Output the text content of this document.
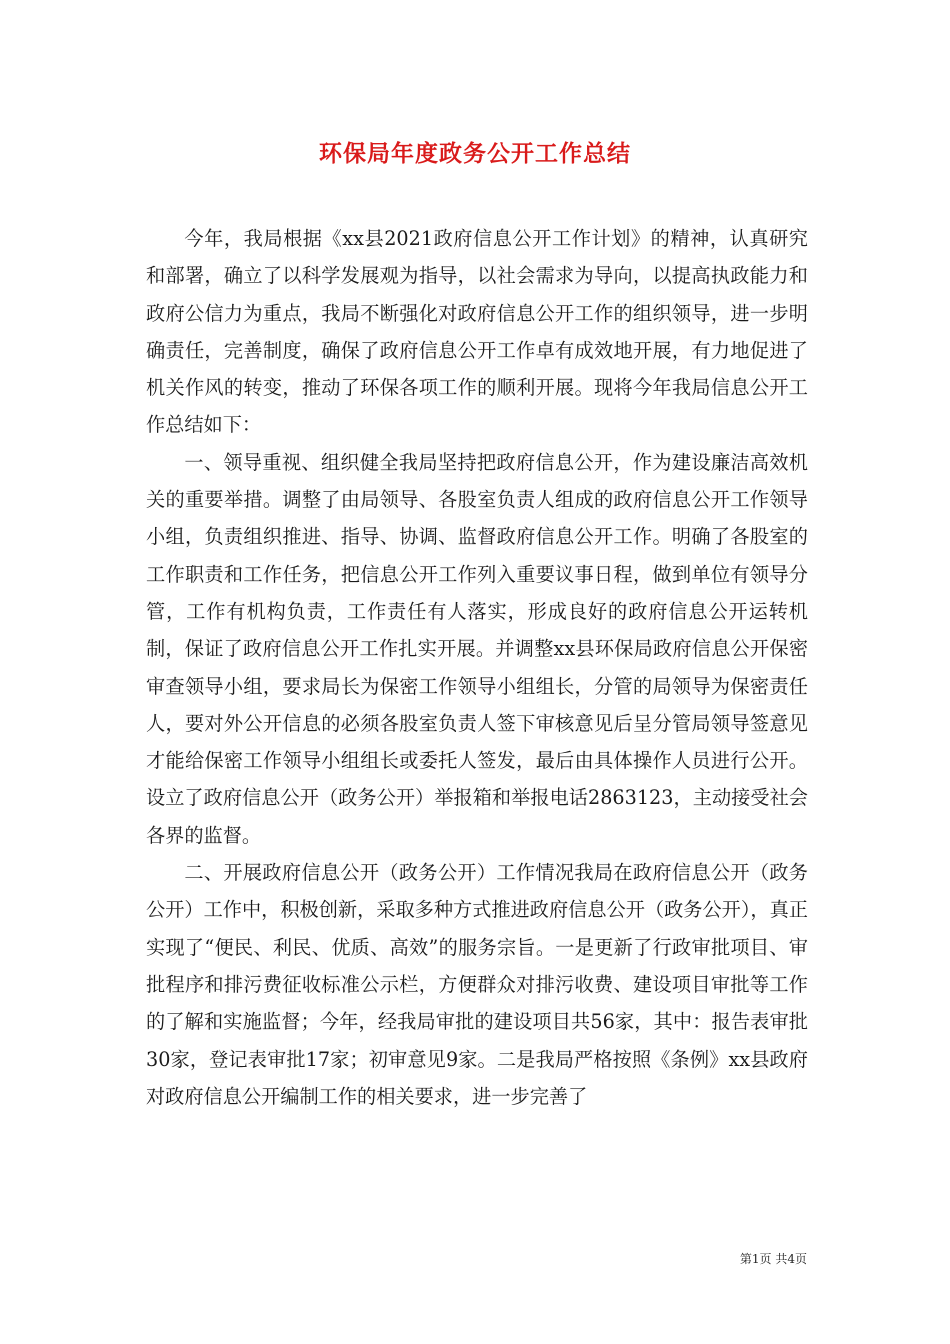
环保局年度政务公开工作总结

今年，我局根据《xx县2021政府信息公开工作计划》的精神，认真研究和部署，确立了以科学发展观为指导，以社会需求为导向，以提高执政能力和政府公信力为重点，我局不断强化对政府信息公开工作的组织领导，进一步明确责任，完善制度，确保了政府信息公开工作卓有成效地开展，有力地促进了机关作风的转变，推动了环保各项工作的顺利开展。现将今年我局信息公开工作总结如下：

一、领导重视、组织健全我局坚持把政府信息公开，作为建设廉洁高效机关的重要举措。调整了由局领导、各股室负责人组成的政府信息公开工作领导小组，负责组织推进、指导、协调、监督政府信息公开工作。明确了各股室的工作职责和工作任务，把信息公开工作列入重要议事日程，做到单位有领导分管，工作有机构负责，工作责任有人落实，形成良好的政府信息公开运转机制，保证了政府信息公开工作扎实开展。并调整xx县环保局政府信息公开保密审查领导小组，要求局长为保密工作领导小组组长，分管的局领导为保密责任人，要对外公开信息的必须各股室负责人签下审核意见后呈分管局领导签意见才能给保密工作领导小组组长或委托人签发，最后由具体操作人员进行公开。设立了政府信息公开（政务公开）举报箱和举报电话2863123，主动接受社会各界的监督。

二、开展政府信息公开（政务公开）工作情况我局在政府信息公开（政务公开）工作中，积极创新，采取多种方式推进政府信息公开（政务公开），真正实现了“便民、利民、优质、高效”的服务宗旨。一是更新了行政审批项目、审批程序和排污费征收标准公示栏，方便群众对排污收费、建设项目审批等工作的了解和实施监督；今年，经我局审批的建设项目共56家，其中：报告表审批30家，登记表审批17家；初审意见9家。二是我局严格按照《条例》xx县政府对政府信息公开编制工作的相关要求，进一步完善了

第1页 共4页
